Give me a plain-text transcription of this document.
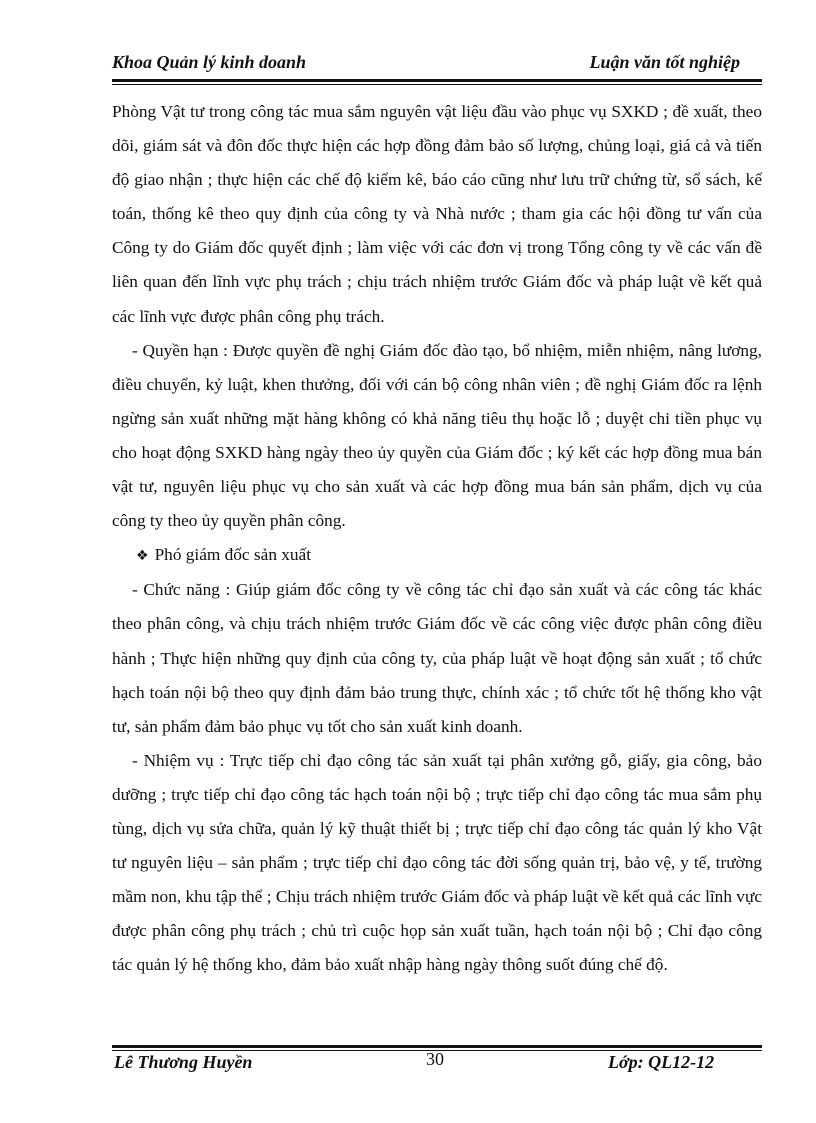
Khoa Quản lý kinh doanh	Luận văn tốt nghiệp

Phòng Vật tư trong công tác mua sắm nguyên vật liệu đầu vào phục vụ SXKD ; đề xuất, theo dõi, giám sát và đôn đốc thực hiện các hợp đồng đảm bảo số lượng, chủng loại, giá cả và tiến độ giao nhận ; thực hiện các chế độ kiểm kê, báo cáo cũng như lưu trữ chứng từ, sổ sách, kế toán, thống kê theo quy định của công ty và Nhà nước ; tham gia các hội đồng tư vấn của Công ty do Giám đốc quyết định ; làm việc với các đơn vị trong Tổng công ty về các vấn đề liên quan đến lĩnh vực phụ trách ; chịu trách nhiệm trước Giám đốc và pháp luật về kết quả các lĩnh vực được phân công phụ trách.

- Quyền hạn : Được quyền đề nghị Giám đốc đào tạo, bổ nhiệm, miễn nhiệm, nâng lương, điều chuyển, kỷ luật, khen thưởng, đối với cán bộ công nhân viên ; đề nghị Giám đốc ra lệnh ngừng sản xuất những mặt hàng không có khả năng tiêu thụ hoặc lỗ ; duyệt chi tiền phục vụ cho hoạt động SXKD hàng ngày theo ủy quyền của Giám đốc ; ký kết các hợp đồng mua bán vật tư, nguyên liệu phục vụ cho sản xuất và các hợp đồng mua bán sản phẩm, dịch vụ của công ty theo ủy quyền phân công.

❖ Phó giám đốc sản xuất

- Chức năng : Giúp giám đốc công ty về công tác chỉ đạo sản xuất và các công tác khác theo phân công, và chịu trách nhiệm trước Giám đốc về các công việc được phân công điều hành ; Thực hiện những quy định của công ty, của pháp luật về hoạt động sản xuất ; tổ chức hạch toán nội bộ theo quy định đảm bảo trung thực, chính xác ; tổ chức tốt hệ thống kho vật tư, sản phẩm đảm bảo phục vụ tốt cho sản xuất kinh doanh.

- Nhiệm vụ : Trực tiếp chỉ đạo công tác sản xuất tại phân xưởng gỗ, giấy, gia công, bảo dưỡng ; trực tiếp chỉ đạo công tác hạch toán nội bộ ; trực tiếp chỉ đạo công tác mua sắm phụ tùng, dịch vụ sửa chữa, quản lý kỹ thuật thiết bị ; trực tiếp chỉ đạo công tác quản lý kho Vật tư nguyên liệu – sản phẩm ; trực tiếp chỉ đạo công tác đời sống quản trị, bảo vệ, y tế, trường mầm non, khu tập thể ; Chịu trách nhiệm trước Giám đốc và pháp luật về kết quả các lĩnh vực được phân công phụ trách ; chủ trì cuộc họp sản xuất tuần, hạch toán nội bộ ; Chỉ đạo công tác quản lý hệ thống kho, đảm bảo xuất nhập hàng ngày thông suốt đúng chế độ.

Lê Thương Huyền	30	Lớp: QL12-12
